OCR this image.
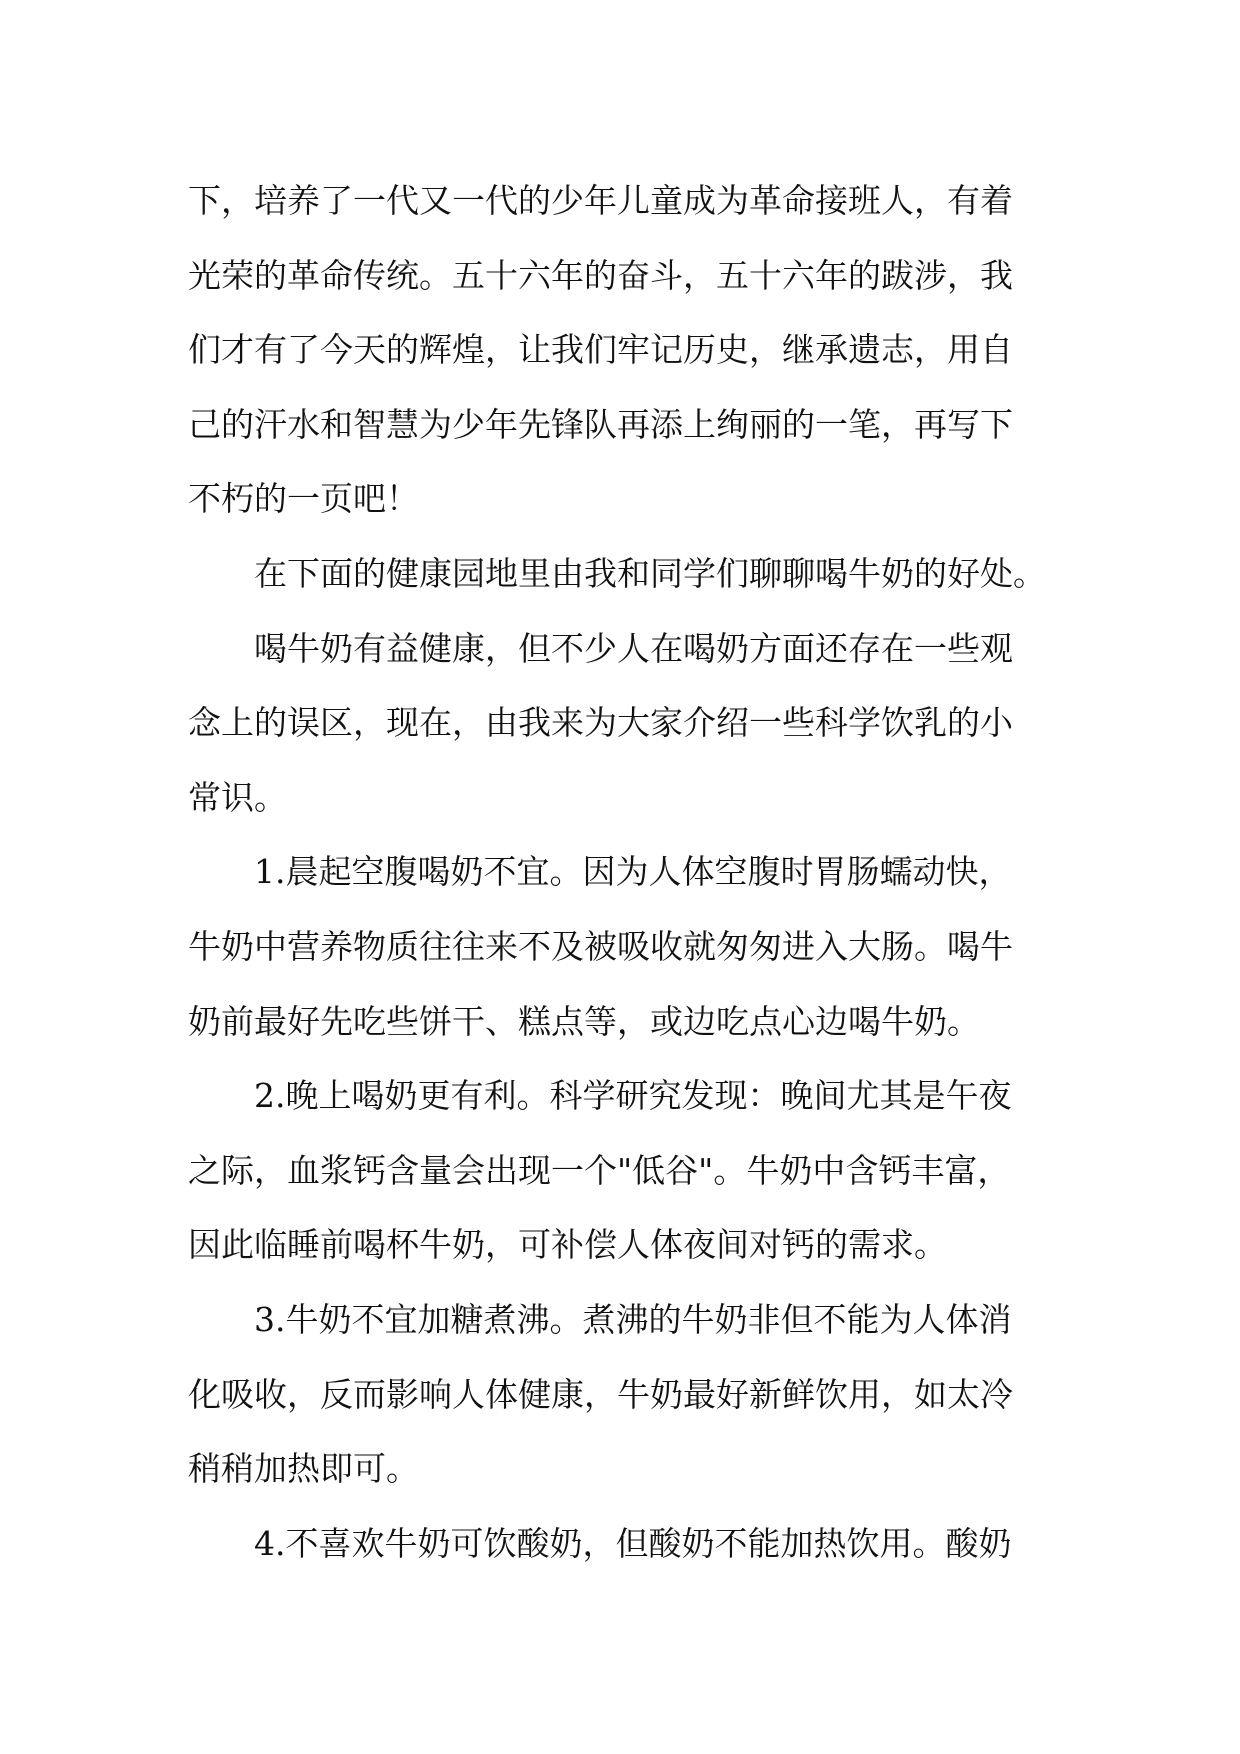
下，培养了一代又一代的少年儿童成为革命接班人，有着
光荣的革命传统。五十六年的奋斗，五十六年的跋涉，我
们才有了今天的辉煌，让我们牢记历史，继承遗志，用自
己的汗水和智慧为少年先锋队再添上绚丽的一笔，再写下
不朽的一页吧！
在下面的健康园地里由我和同学们聊聊喝牛奶的好处。
喝牛奶有益健康，但不少人在喝奶方面还存在一些观
念上的误区，现在，由我来为大家介绍一些科学饮乳的小
常识。
1.晨起空腹喝奶不宜。因为人体空腹时胃肠蠕动快，
牛奶中营养物质往往来不及被吸收就匆匆进入大肠。喝牛
奶前最好先吃些饼干、糕点等，或边吃点心边喝牛奶。
2.晚上喝奶更有利。科学研究发现：晚间尤其是午夜
之际，血浆钙含量会出现一个"低谷"。牛奶中含钙丰富，
因此临睡前喝杯牛奶，可补偿人体夜间对钙的需求。
3.牛奶不宜加糖煮沸。煮沸的牛奶非但不能为人体消
化吸收，反而影响人体健康，牛奶最好新鲜饮用，如太冷
稍稍加热即可。
4.不喜欢牛奶可饮酸奶，但酸奶不能加热饮用。酸奶
